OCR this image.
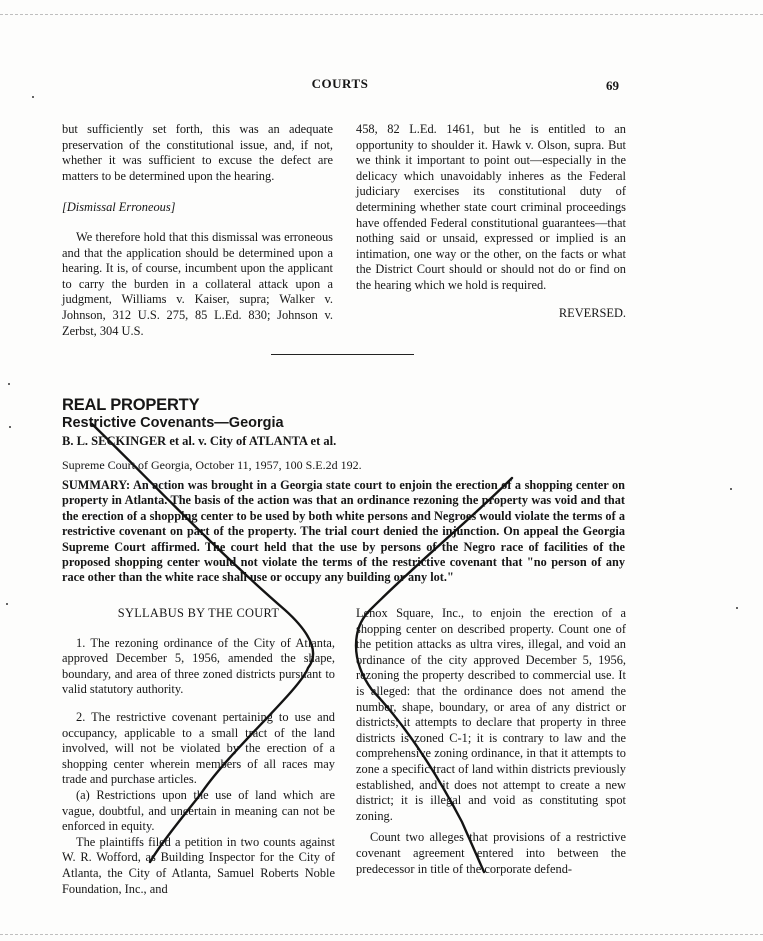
COURTS	69

but sufficiently set forth, this was an adequate preservation of the constitutional issue, and, if not, whether it was sufficient to excuse the defect are matters to be determined upon the hearing.

[Dismissal Erroneous]

We therefore hold that this dismissal was erroneous and that the application should be determined upon a hearing. It is, of course, incumbent upon the applicant to carry the burden in a collateral attack upon a judgment, Williams v. Kaiser, supra; Walker v. Johnson, 312 U.S. 275, 85 L.Ed. 830; Johnson v. Zerbst, 304 U.S.

458, 82 L.Ed. 1461, but he is entitled to an opportunity to shoulder it. Hawk v. Olson, supra. But we think it important to point out—especially in the delicacy which unavoidably inheres as the Federal judiciary exercises its constitutional duty of determining whether state court criminal proceedings have offended Federal constitutional guarantees—that nothing said or unsaid, expressed or implied is an intimation, one way or the other, on the facts or what the District Court should or should not do or find on the hearing which we hold is required.

REVERSED.

REAL PROPERTY
Restrictive Covenants—Georgia
B. L. SECKINGER et al. v. City of ATLANTA et al.
Supreme Court of Georgia, October 11, 1957, 100 S.E.2d 192.
SUMMARY: An action was brought in a Georgia state court to enjoin the erection of a shopping center on property in Atlanta. The basis of the action was that an ordinance rezoning the property was void and that the erection of a shopping center to be used by both white persons and Negroes would violate the terms of a restrictive covenant on part of the property. The trial court denied the injunction. On appeal the Georgia Supreme Court affirmed. The court held that the use by persons of the Negro race of facilities of the proposed shopping center would not violate the terms of the restrictive covenant that "no person of any race other than the white race shall use or occupy any building or any lot."

SYLLABUS BY THE COURT

1. The rezoning ordinance of the City of Atlanta, approved December 5, 1956, amended the shape, boundary, and area of three zoned districts pursuant to valid statutory authority.

2. The restrictive covenant pertaining to use and occupancy, applicable to a small tract of the land involved, will not be violated by the erection of a shopping center wherein members of all races may trade and purchase articles.

(a) Restrictions upon the use of land which are vague, doubtful, and uncertain in meaning can not be enforced in equity.

The plaintiffs filed a petition in two counts against W. R. Wofford, as Building Inspector for the City of Atlanta, the City of Atlanta, Samuel Roberts Noble Foundation, Inc., and

Lenox Square, Inc., to enjoin the erection of a shopping center on described property. Count one of the petition attacks as ultra vires, illegal, and void an ordinance of the city approved December 5, 1956, rezoning the property described to commercial use. It is alleged: that the ordinance does not amend the number, shape, boundary, or area of any district or districts; it attempts to declare that property in three districts is zoned C-1; it is contrary to law and the comprehensive zoning ordinance, in that it attempts to zone a specific tract of land within districts previously established, and it does not attempt to create a new district; it is illegal and void as constituting spot zoning.

Count two alleges that provisions of a restrictive covenant agreement entered into between the predecessor in title of the corporate defend-
